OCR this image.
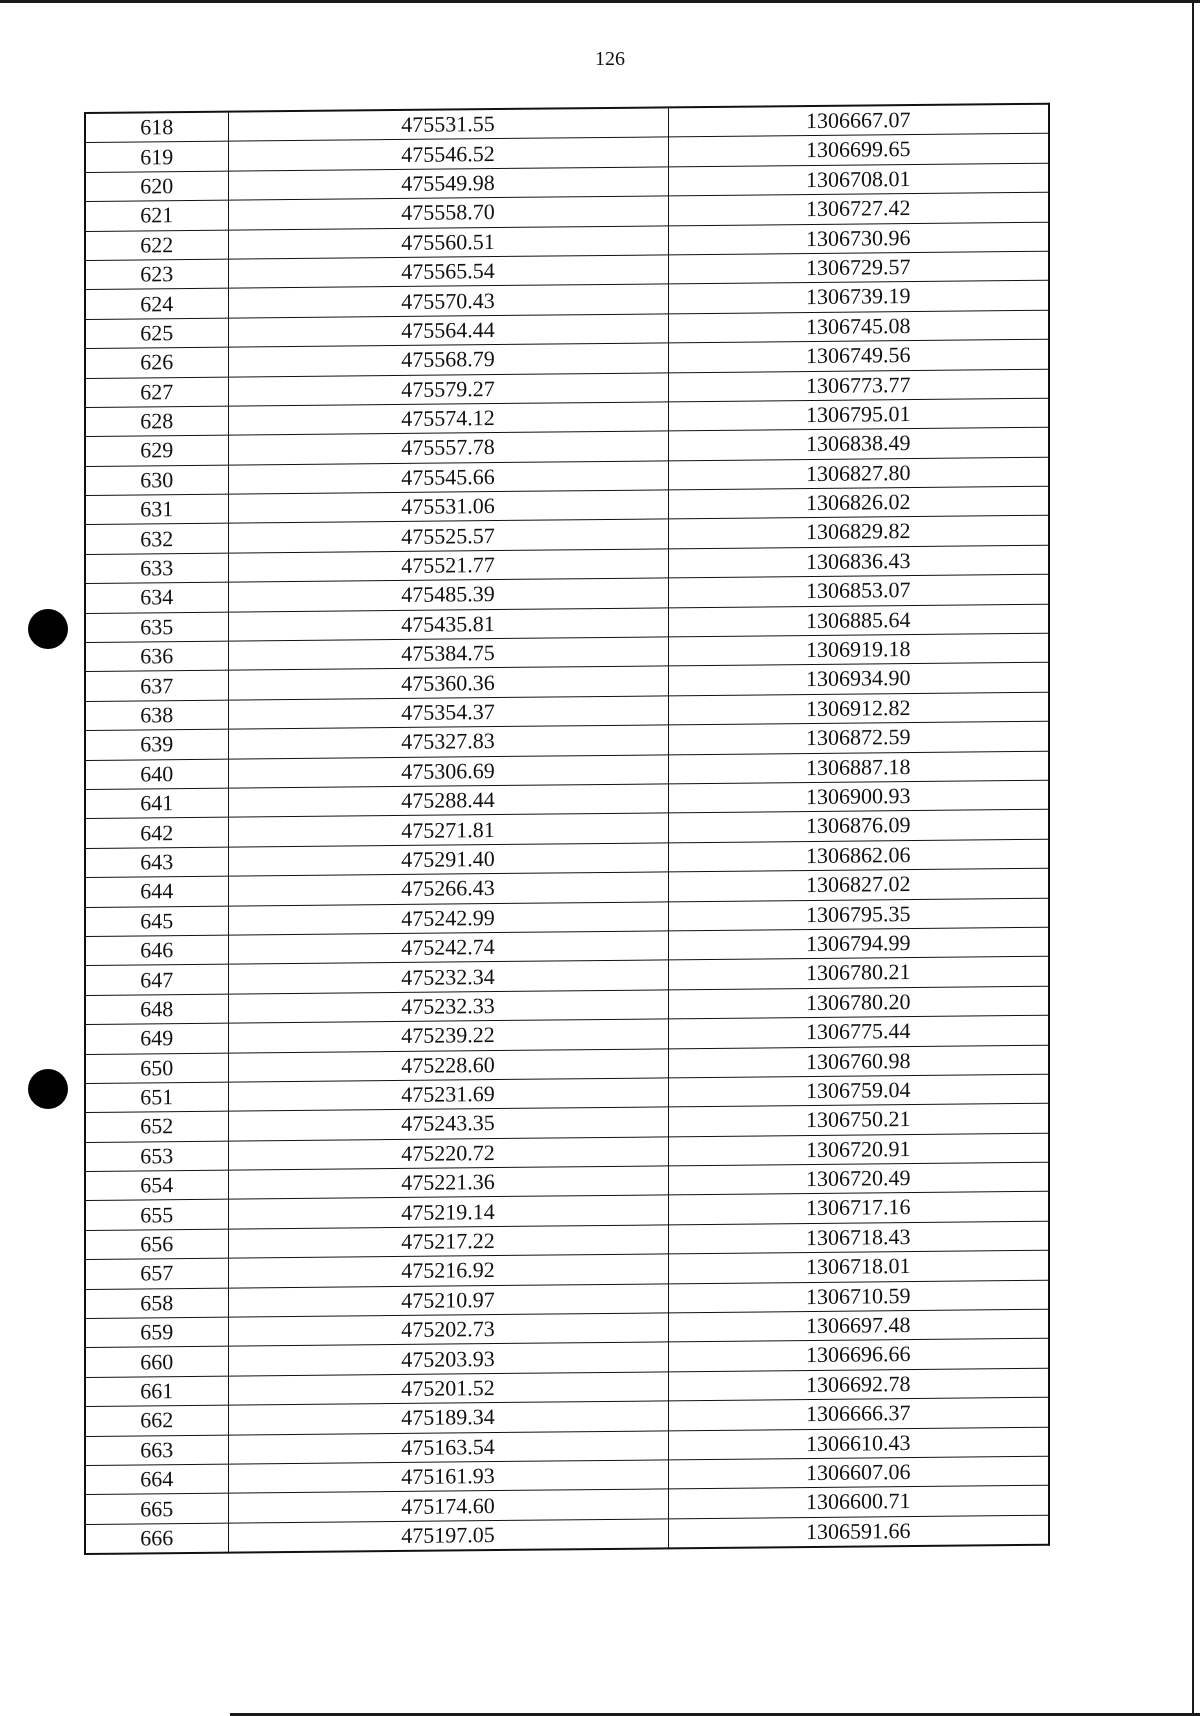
126
618	475531.55	1306667.07
619	475546.52	1306699.65
620	475549.98	1306708.01
621	475558.70	1306727.42
622	475560.51	1306730.96
623	475565.54	1306729.57
624	475570.43	1306739.19
625	475564.44	1306745.08
626	475568.79	1306749.56
627	475579.27	1306773.77
628	475574.12	1306795.01
629	475557.78	1306838.49
630	475545.66	1306827.80
631	475531.06	1306826.02
632	475525.57	1306829.82
633	475521.77	1306836.43
634	475485.39	1306853.07
635	475435.81	1306885.64
636	475384.75	1306919.18
637	475360.36	1306934.90
638	475354.37	1306912.82
639	475327.83	1306872.59
640	475306.69	1306887.18
641	475288.44	1306900.93
642	475271.81	1306876.09
643	475291.40	1306862.06
644	475266.43	1306827.02
645	475242.99	1306795.35
646	475242.74	1306794.99
647	475232.34	1306780.21
648	475232.33	1306780.20
649	475239.22	1306775.44
650	475228.60	1306760.98
651	475231.69	1306759.04
652	475243.35	1306750.21
653	475220.72	1306720.91
654	475221.36	1306720.49
655	475219.14	1306717.16
656	475217.22	1306718.43
657	475216.92	1306718.01
658	475210.97	1306710.59
659	475202.73	1306697.48
660	475203.93	1306696.66
661	475201.52	1306692.78
662	475189.34	1306666.37
663	475163.54	1306610.43
664	475161.93	1306607.06
665	475174.60	1306600.71
666	475197.05	1306591.66
